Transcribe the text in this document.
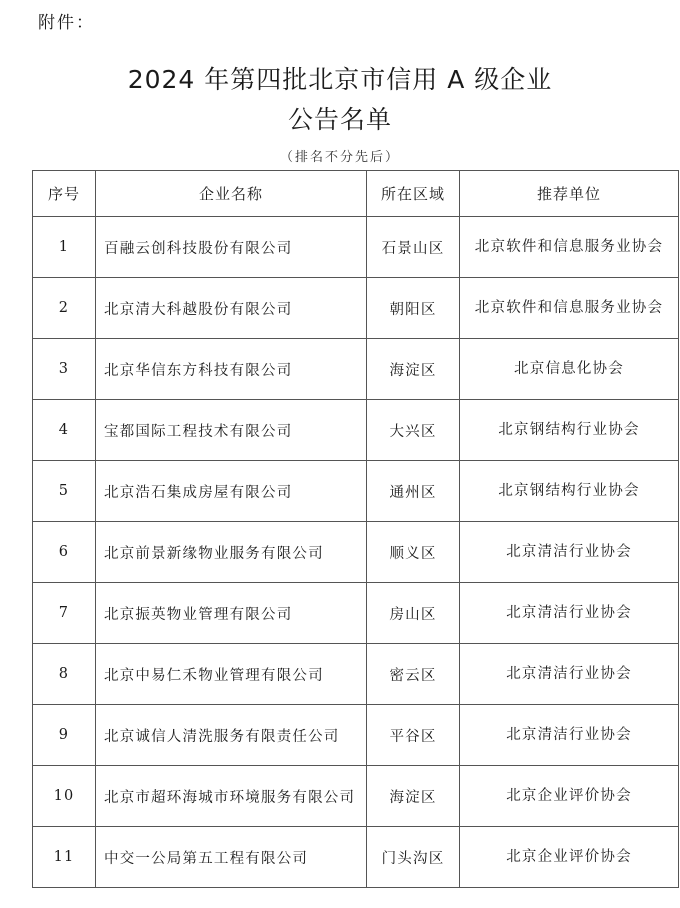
附件：
2024 年第四批北京市信用 A 级企业
公告名单
（排名不分先后）
序号	企业名称	所在区域	推荐单位
1	百融云创科技股份有限公司	石景山区	北京软件和信息服务业协会
2	北京清大科越股份有限公司	朝阳区	北京软件和信息服务业协会
3	北京华信东方科技有限公司	海淀区	北京信息化协会
4	宝都国际工程技术有限公司	大兴区	北京钢结构行业协会
5	北京浩石集成房屋有限公司	通州区	北京钢结构行业协会
6	北京前景新缘物业服务有限公司	顺义区	北京清洁行业协会
7	北京振英物业管理有限公司	房山区	北京清洁行业协会
8	北京中易仁禾物业管理有限公司	密云区	北京清洁行业协会
9	北京诚信人清洗服务有限责任公司	平谷区	北京清洁行业协会
10	北京市超环海城市环境服务有限公司	海淀区	北京企业评价协会
11	中交一公局第五工程有限公司	门头沟区	北京企业评价协会
